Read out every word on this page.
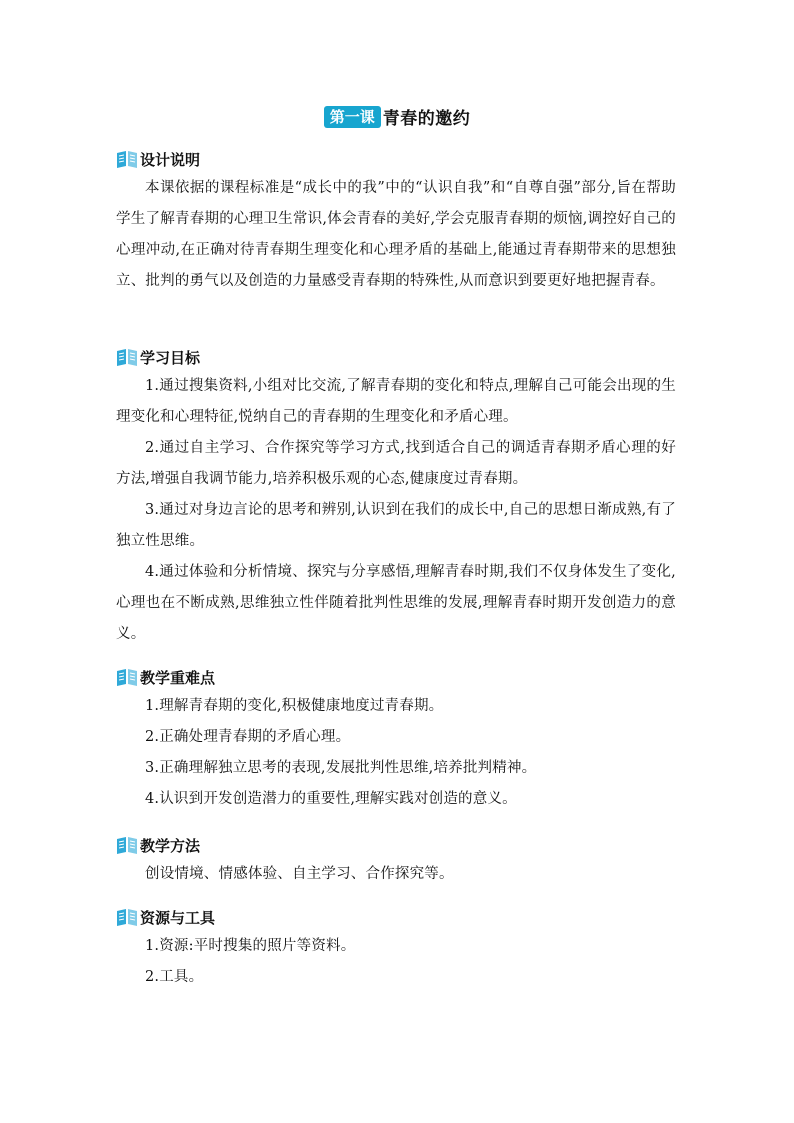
第一课 青春的邀约
设计说明

本课依据的课程标准是“成长中的我”中的“认识自我”和“自尊自强”部分,旨在帮助学生了解青春期的心理卫生常识,体会青春的美好,学会克服青春期的烦恼,调控好自己的心理冲动,在正确对待青春期生理变化和心理矛盾的基础上,能通过青春期带来的思想独立、批判的勇气以及创造的力量感受青春期的特殊性,从而意识到要更好地把握青春。

学习目标

1.通过搜集资料,小组对比交流,了解青春期的变化和特点,理解自己可能会出现的生理变化和心理特征,悦纳自己的青春期的生理变化和矛盾心理。

2.通过自主学习、合作探究等学习方式,找到适合自己的调适青春期矛盾心理的好方法,增强自我调节能力,培养积极乐观的心态,健康度过青春期。

3.通过对身边言论的思考和辨别,认识到在我们的成长中,自己的思想日渐成熟,有了独立性思维。

4.通过体验和分析情境、探究与分享感悟,理解青春时期,我们不仅身体发生了变化,心理也在不断成熟,思维独立性伴随着批判性思维的发展,理解青春时期开发创造力的意义。

教学重难点

1.理解青春期的变化,积极健康地度过青春期。

2.正确处理青春期的矛盾心理。

3.正确理解独立思考的表现,发展批判性思维,培养批判精神。

4.认识到开发创造潜力的重要性,理解实践对创造的意义。

教学方法

创设情境、情感体验、自主学习、合作探究等。

资源与工具

1.资源:平时搜集的照片等资料。

2.工具。
